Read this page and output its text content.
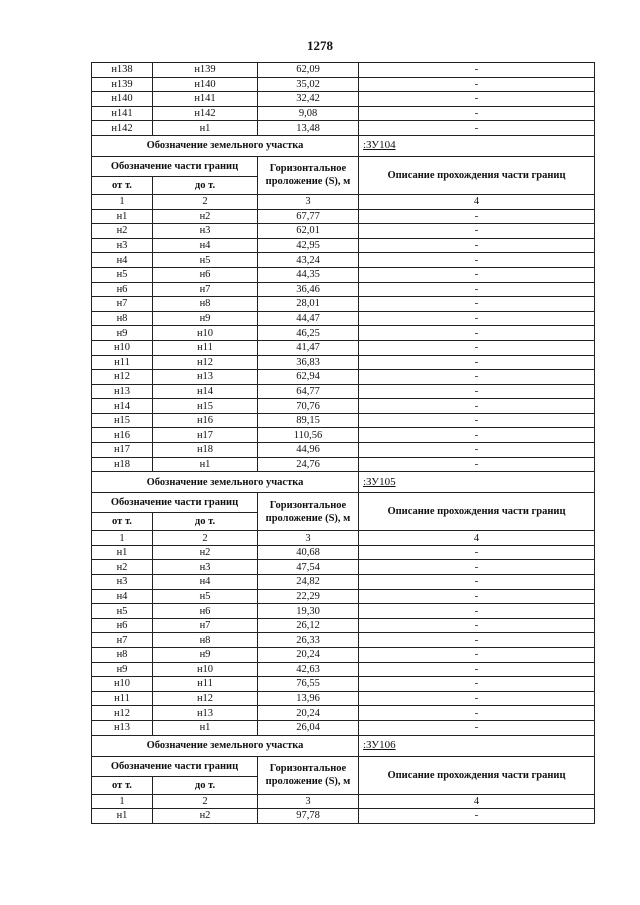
1278
н138	н139	62,09	-
н139	н140	35,02	-
н140	н141	32,42	-
н141	н142	9,08	-
н142	н1	13,48	-
Обозначение земельного участка			:ЗУ104
Обозначение части границ		Горизонтальное проложение (S), м	Описание прохождения части границ
от т.	до т.		
1	2	3	4
н1	н2	67,77	-
н2	н3	62,01	-
н3	н4	42,95	-
н4	н5	43,24	-
н5	н6	44,35	-
н6	н7	36,46	-
н7	н8	28,01	-
н8	н9	44,47	-
н9	н10	46,25	-
н10	н11	41,47	-
н11	н12	36,83	-
н12	н13	62,94	-
н13	н14	64,77	-
н14	н15	70,76	-
н15	н16	89,15	-
н16	н17	110,56	-
н17	н18	44,96	-
н18	н1	24,76	-
Обозначение земельного участка			:ЗУ105
Обозначение части границ		Горизонтальное проложение (S), м	Описание прохождения части границ
от т.	до т.		
1	2	3	4
н1	н2	40,68	-
н2	н3	47,54	-
н3	н4	24,82	-
н4	н5	22,29	-
н5	н6	19,30	-
н6	н7	26,12	-
н7	н8	26,33	-
н8	н9	20,24	-
н9	н10	42,63	-
н10	н11	76,55	-
н11	н12	13,96	-
н12	н13	20,24	-
н13	н1	26,04	-
Обозначение земельного участка			:ЗУ106
Обозначение части границ		Горизонтальное проложение (S), м	Описание прохождения части границ
от т.	до т.		
1	2	3	4
н1	н2	97,78	-
